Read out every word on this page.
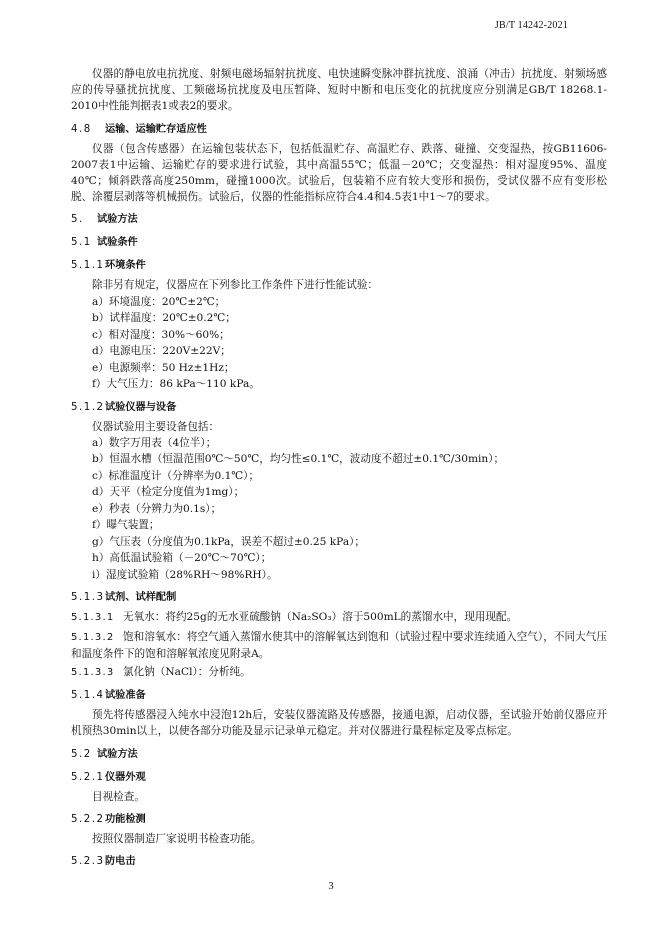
JB/T 14242-2021

仪器的静电放电抗扰度、射频电磁场辐射抗扰度、电快速瞬变脉冲群抗扰度、浪涌（冲击）抗扰度、射频场感应的传导骚扰抗扰度、工频磁场抗扰度及电压暂降、短时中断和电压变化的抗扰度应分别满足GB/T 18268.1-2010中性能判据表1或表2的要求。

4.8 运输、运输贮存适应性

仪器（包含传感器）在运输包装状态下，包括低温贮存、高温贮存、跌落、碰撞、交变湿热，按GB11606-2007表1中运输、运输贮存的要求进行试验，其中高温55℃；低温－20℃；交变湿热：相对湿度95%、温度40℃；倾斜跌落高度250mm，碰撞1000次。试验后，包装箱不应有较大变形和损伤，受试仪器不应有变形松脱、涂覆层剥落等机械损伤。试验后，仪器的性能指标应符合4.4和4.5表1中1～7的要求。

5. 试验方法
5.1 试验条件
5.1.1环境条件

除非另有规定，仪器应在下列参比工作条件下进行性能试验：

a）环境温度：20℃±2℃；

b）试样温度：20℃±0.2℃；

c）相对湿度：30%～60%；

d）电源电压：220V±22V；

e）电源频率：50 Hz±1Hz；

f）大气压力：86 kPa～110 kPa。

5.1.2试验仪器与设备

仪器试验用主要设备包括：

a）数字万用表（4位半）；

b）恒温水槽（恒温范围0℃～50℃，均匀性≤0.1℃，波动度不超过±0.1℃/30min）；

c）标准温度计（分辨率为0.1℃）；

d）天平（检定分度值为1mg）；

e）秒表（分辨力为0.1s）；

f）曝气装置；

g）气压表（分度值为0.1kPa，误差不超过±0.25 kPa）；

h）高低温试验箱（－20℃～70℃）；

i）湿度试验箱（28%RH～98%RH）。

5.1.3试剂、试样配制

5.1.3.1 无氧水：将约25g的无水亚硫酸钠（Na₂SO₃）溶于500mL的蒸馏水中，现用现配。

5.1.3.2 饱和溶氧水：将空气通入蒸馏水使其中的溶解氧达到饱和（试验过程中要求连续通入空气），不同大气压和温度条件下的饱和溶解氧浓度见附录A。

5.1.3.3 氯化钠（NaCl）：分析纯。

5.1.4试验准备

预先将传感器浸入纯水中浸泡12h后，安装仪器流路及传感器，接通电源，启动仪器，至试验开始前仪器应开机预热30min以上，以使各部分功能及显示记录单元稳定。并对仪器进行量程标定及零点标定。

5.2 试验方法
5.2.1仪器外观

目视检查。

5.2.2功能检测

按照仪器制造厂家说明书检查功能。

5.2.3防电击
3
